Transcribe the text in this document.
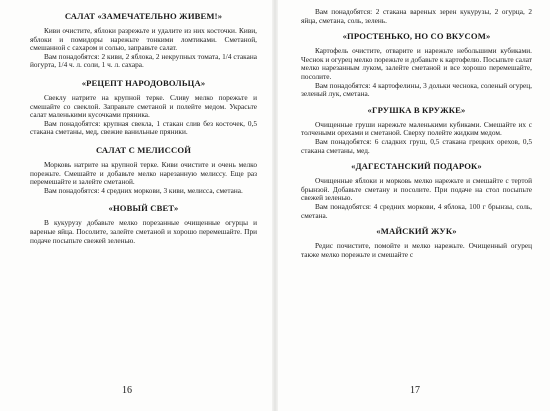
САЛАТ «ЗАМЕЧАТЕЛЬНО ЖИВЕМ!»

Киви очистите, яблоки разрежьте и удалите из них косточки. Киви, яблоки и помидоры нарежьте тонкими ломтиками. Сметаной, смешанной с сахаром и солью, заправьте салат.

Вам понадобятся: 2 киви, 2 яблока, 2 некрупных томата, 1/4 стакана йогурта, 1/4 ч. л. соли, 1 ч. л. сахара.

«РЕЦЕПТ НАРОДОВОЛЬЦА»

Свеклу натрите на крупной терке. Сливу мелко порежьте и смешайте со свеклой. Заправьте сметаной и полейте медом. Украсьте салат маленькими кусочками пряника.

Вам понадобятся: крупная свекла, 1 стакан слив без косточек, 0,5 стакана сметаны, мед, свежие ванильные пряники.

САЛАТ С МЕЛИССОЙ

Морковь натрите на крупной терке. Киви очистите и очень мелко порежьте. Смешайте и добавьте мелко нарезанную мелиссу. Еще раз перемешайте и залейте сметаной.

Вам понадобятся: 4 средних моркови, 3 киви, мелисса, сметана.

«НОВЫЙ СВЕТ»

В кукурузу добавьте мелко порезанные очищенные огурцы и вареные яйца. Посолите, залейте сметаной и хорошо перемешайте. При подаче посыпьте свежей зеленью.

16

Вам понадобятся: 2 стакана вареных зерен кукурузы, 2 огурца, 2 яйца, сметана, соль, зелень.

«ПРОСТЕНЬКО, НО СО ВКУСОМ»

Картофель очистите, отварите и нарежьте небольшими кубиками. Чеснок и огурец мелко порежьте и добавьте к картофелю. Посыпьте салат мелко нарезанным луком, залейте сметаной и все хорошо перемешайте, посолите.

Вам понадобятся: 4 картофелины, 3 дольки чеснока, соленый огурец, зеленый лук, сметана.

«ГРУШКА В КРУЖКЕ»

Очищенные груши нарежьте маленькими кубиками. Смешайте их с толчеными орехами и сметаной. Сверху полейте жидким медом.

Вам понадобятся: 6 сладких груш, 0,5 стакана грецких орехов, 0,5 стакана сметаны, мед.

«ДАГЕСТАНСКИЙ ПОДАРОК»

Очищенные яблоки и морковь мелко нарежьте и смешайте с тертой брынзой. Добавьте сметану и посолите. При подаче на стол посыпьте свежей зеленью.

Вам понадобятся: 4 средних моркови, 4 яблока, 100 г брынзы, соль, сметана.

«МАЙСКИЙ ЖУК»

Редис почистите, помойте и мелко нарежьте. Очищенный огурец также мелко порежьте и смешайте с

17
